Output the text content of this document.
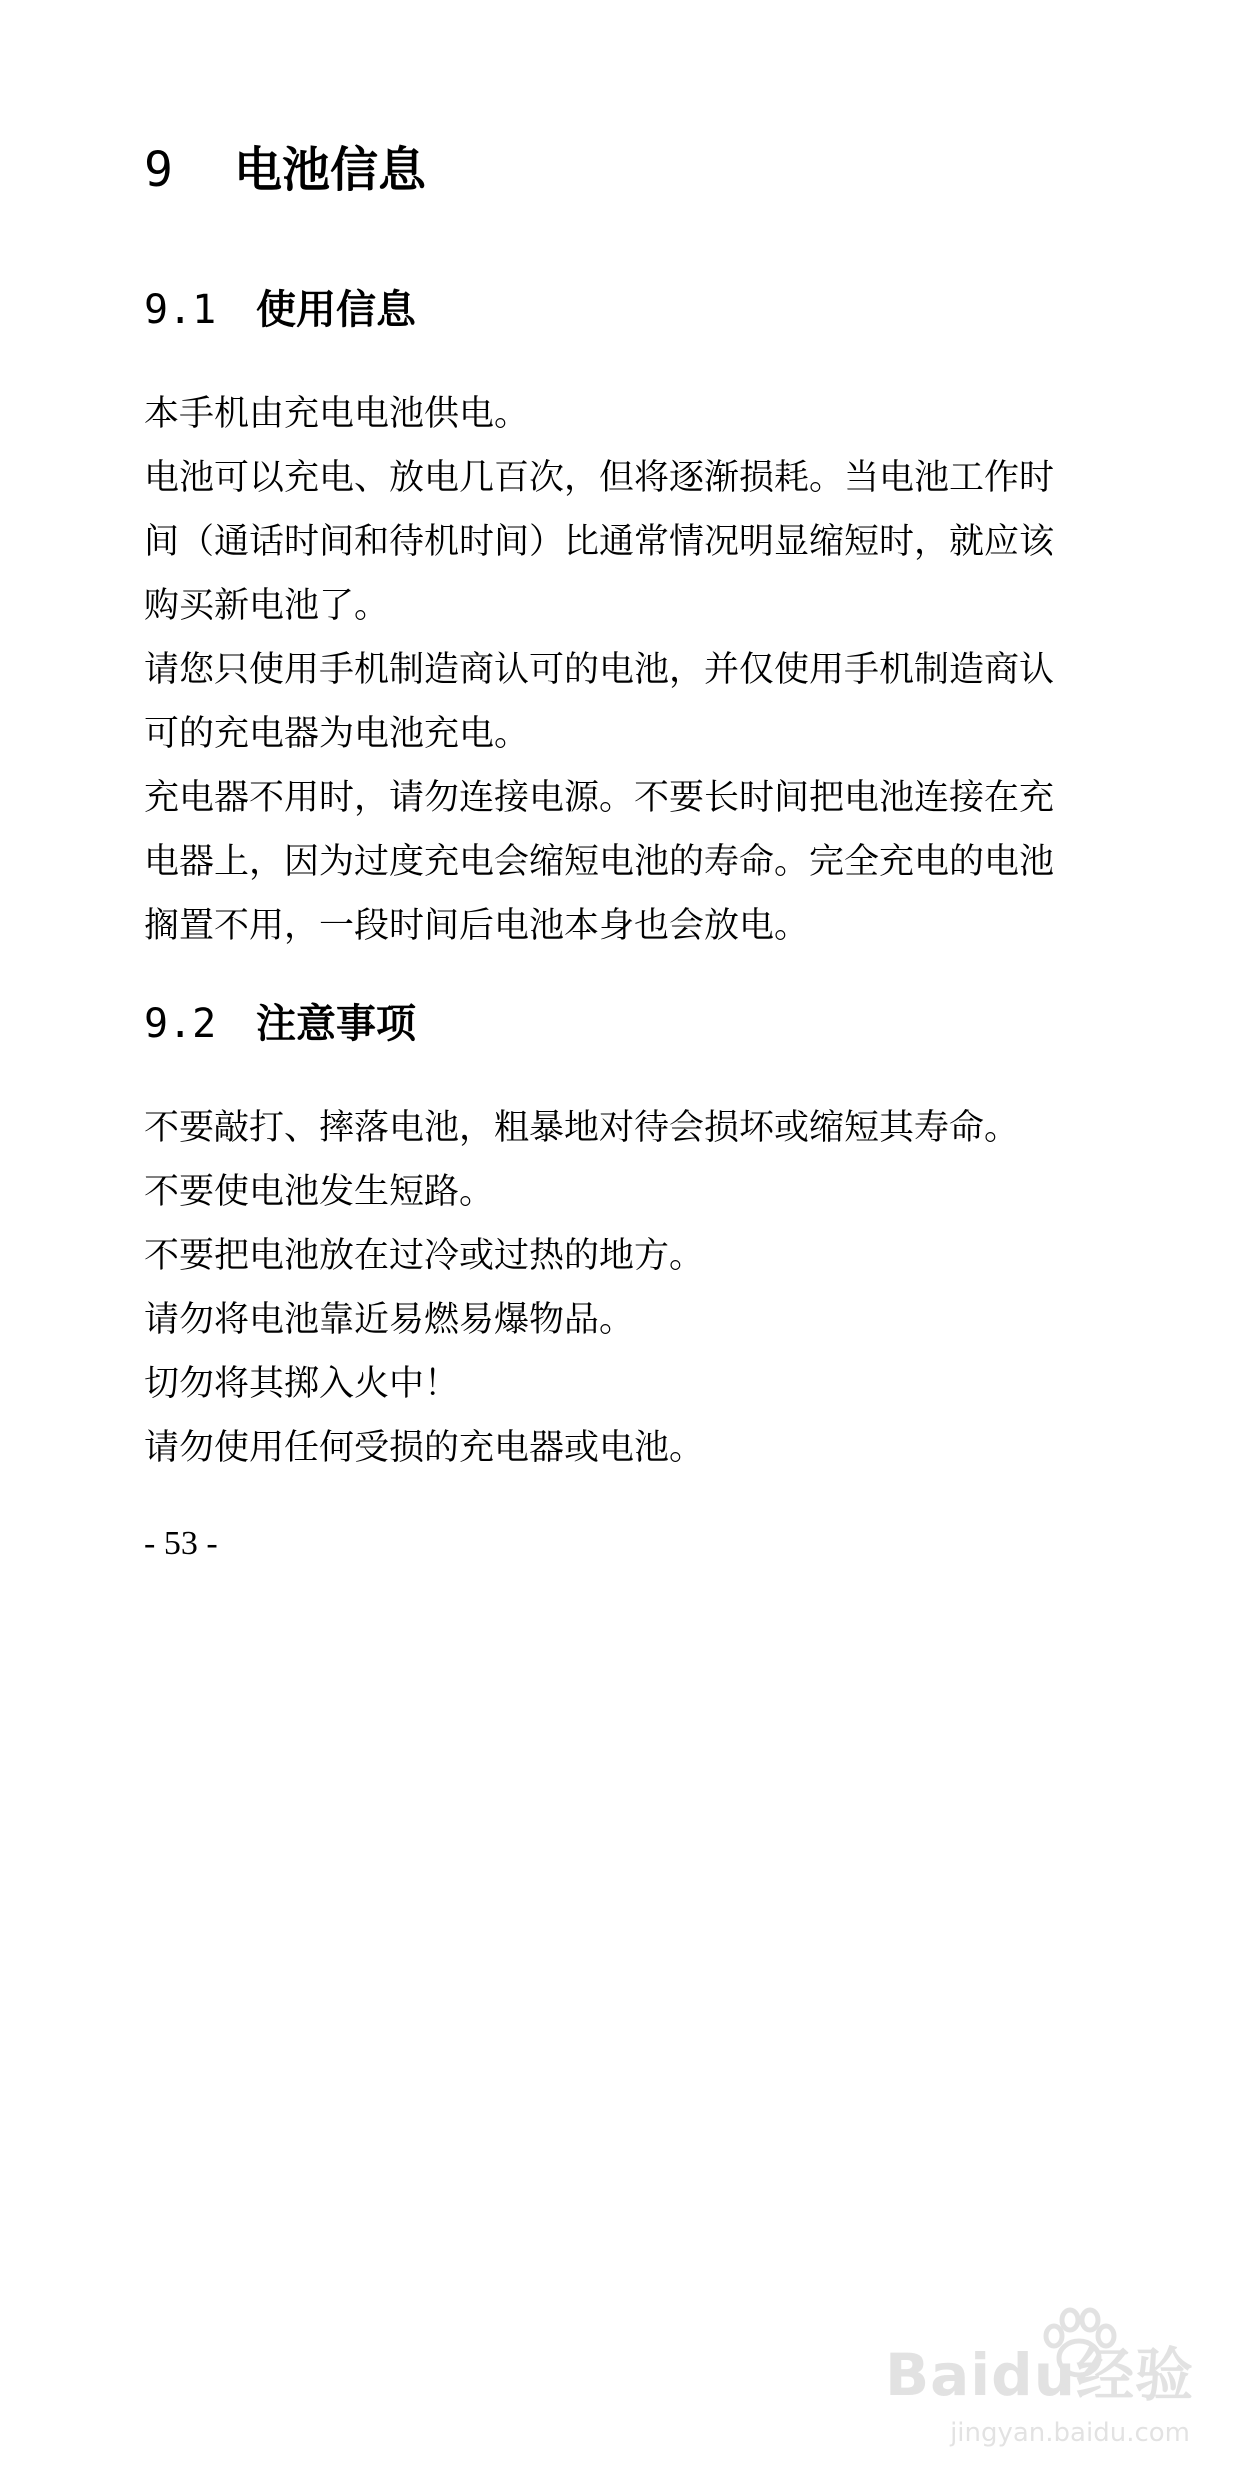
9 电池信息
9.1 使用信息
本手机由充电电池供电。
电池可以充电、放电几百次，但将逐渐损耗。当电池工作时
间（通话时间和待机时间）比通常情况明显缩短时，就应该
购买新电池了。
请您只使用手机制造商认可的电池，并仅使用手机制造商认
可的充电器为电池充电。
充电器不用时，请勿连接电源。不要长时间把电池连接在充
电器上，因为过度充电会缩短电池的寿命。完全充电的电池
搁置不用，一段时间后电池本身也会放电。
9.2 注意事项
不要敲打、摔落电池，粗暴地对待会损坏或缩短其寿命。
不要使电池发生短路。
不要把电池放在过冷或过热的地方。
请勿将电池靠近易燃易爆物品。
切勿将其掷入火中！
请勿使用任何受损的充电器或电池。
- 53 -
Baidu经验
jingyan.baidu.com
